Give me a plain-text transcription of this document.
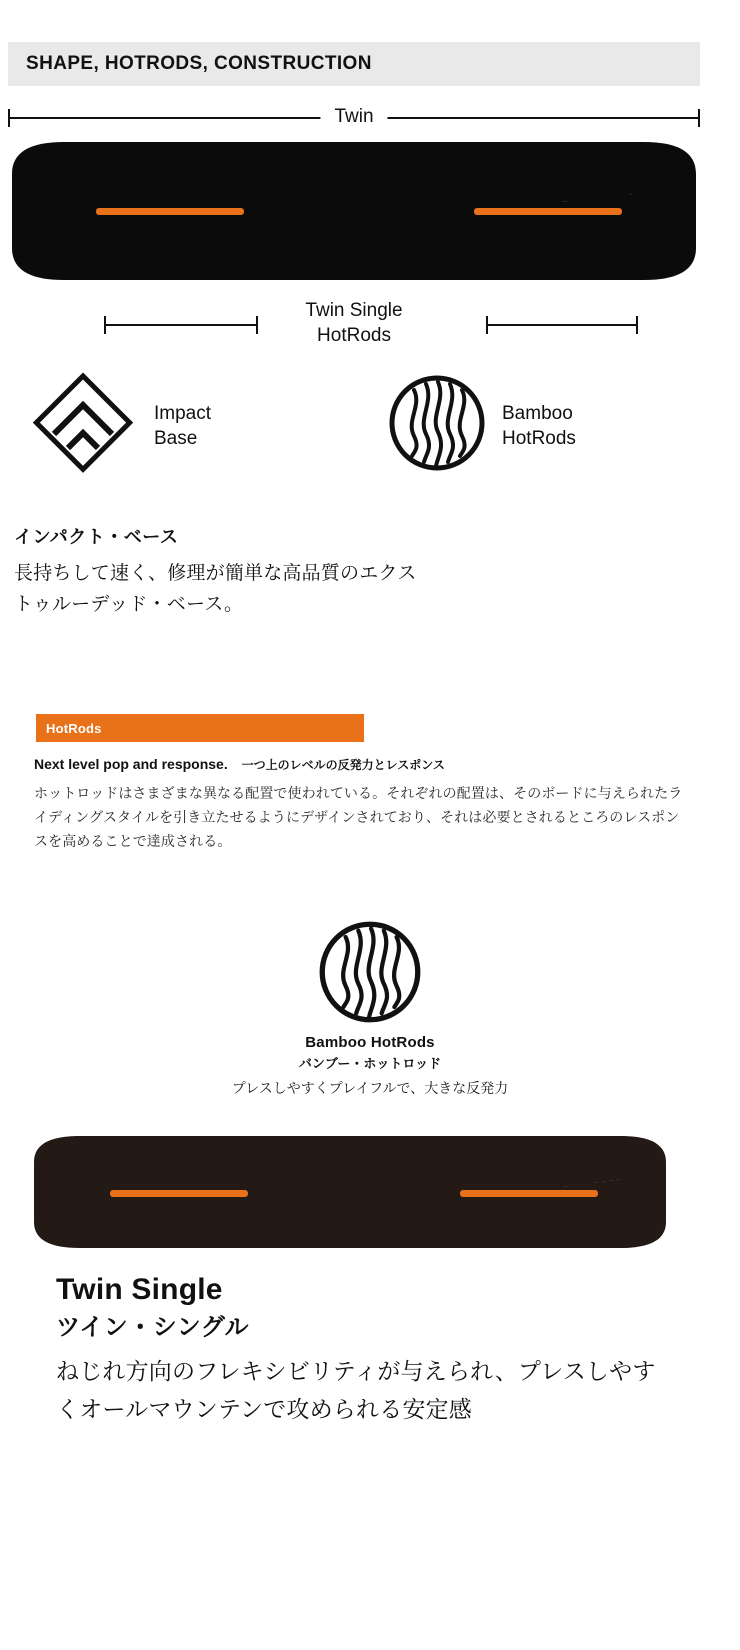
SHAPE, HOTRODS, CONSTRUCTION
Twin
Twin Single
HotRods
Impact
Base
Bamboo
HotRods

インパクト・ベース

長持ちして速く、修理が簡単な高品質のエクストゥルーデッド・ベース。

HotRods

Next level pop and response. 一つ上のレベルの反発力とレスポンス

ホットロッドはさまざまな異なる配置で使われている。それぞれの配置は、そのボードに与えられたライディングスタイルを引き立たせるようにデザインされており、それは必要とされるところのレスポンスを高めることで達成される。

Bamboo HotRods

バンブー・ホットロッド

プレスしやすくプレイフルで、大きな反発力

Twin Single

ツイン・シングル

ねじれ方向のフレキシビリティが与えられ、プレスしやすくオールマウンテンで攻められる安定感
